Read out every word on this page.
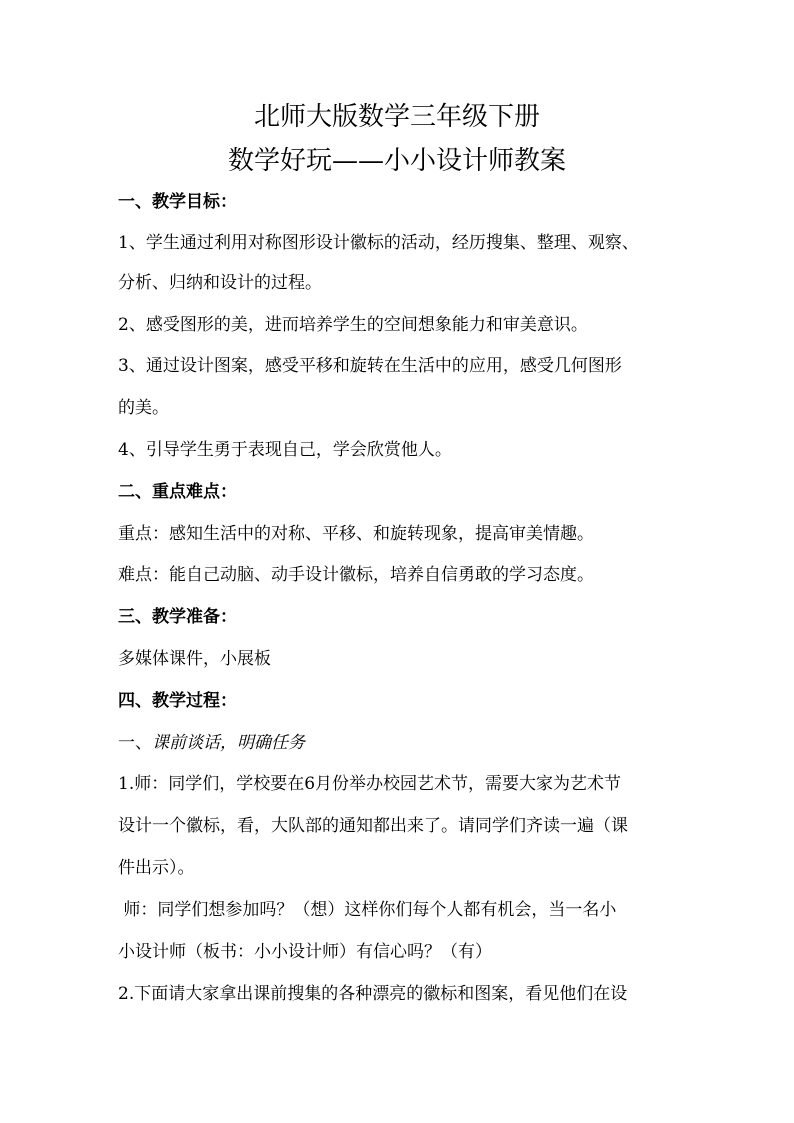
北师大版数学三年级下册
数学好玩——小小设计师教案
一、教学目标：
1、学生通过利用对称图形设计徽标的活动，经历搜集、整理、观察、
分析、归纳和设计的过程。
2、感受图形的美，进而培养学生的空间想象能力和审美意识。
3、通过设计图案，感受平移和旋转在生活中的应用，感受几何图形
的美。
4、引导学生勇于表现自己，学会欣赏他人。
二、重点难点：
重点：感知生活中的对称、平移、和旋转现象，提高审美情趣。
难点：能自己动脑、动手设计徽标，培养自信勇敢的学习态度。
三、教学准备：
多媒体课件，小展板
四、教学过程：
一、课前谈话，明确任务
1.师：同学们，学校要在6月份举办校园艺术节，需要大家为艺术节
设计一个徽标，看，大队部的通知都出来了。请同学们齐读一遍（课
件出示）。
师：同学们想参加吗？（想）这样你们每个人都有机会，当一名小
小设计师（板书：小小设计师）有信心吗？（有）
2.下面请大家拿出课前搜集的各种漂亮的徽标和图案，看见他们在设
